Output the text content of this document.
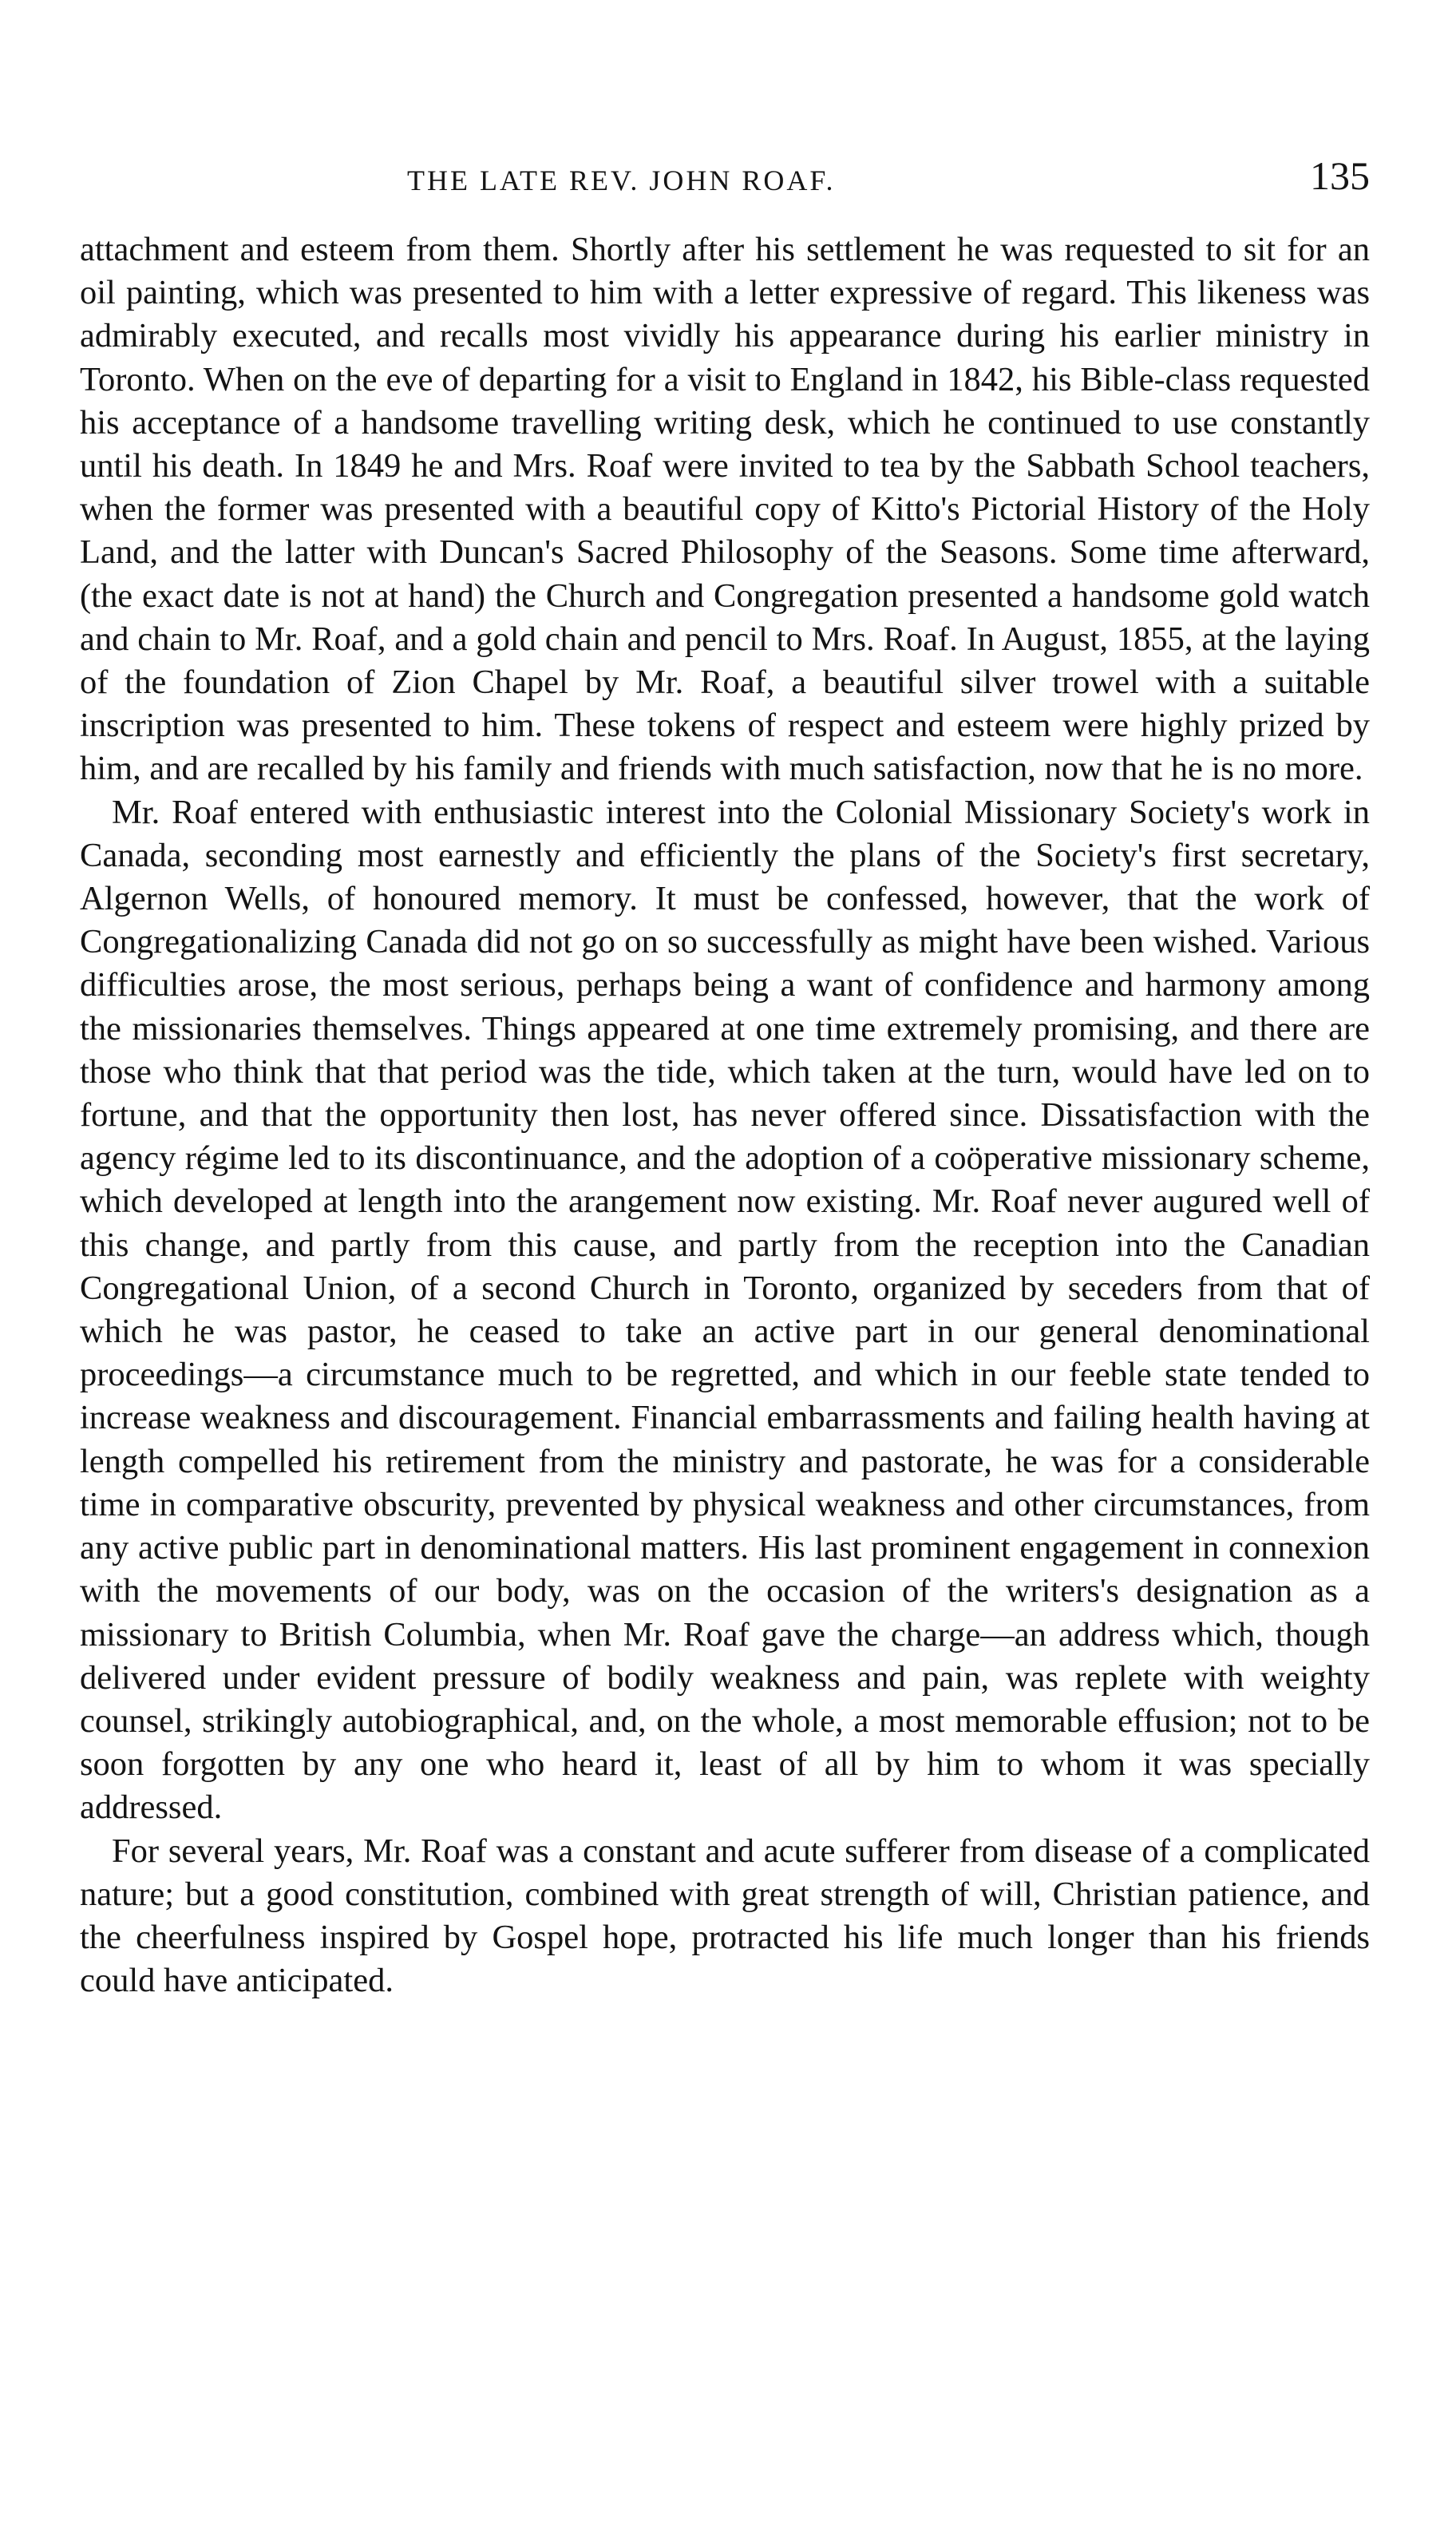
THE LATE REV. JOHN ROAF.	135

attachment and esteem from them. Shortly after his settlement he was requested to sit for an oil painting, which was presented to him with a letter expressive of regard. This likeness was admirably executed, and recalls most vividly his appearance during his earlier ministry in Toronto. When on the eve of departing for a visit to England in 1842, his Bible-class requested his acceptance of a handsome travelling writing desk, which he continued to use constantly until his death. In 1849 he and Mrs. Roaf were invited to tea by the Sabbath School teachers, when the former was presented with a beautiful copy of Kitto's Pictorial History of the Holy Land, and the latter with Duncan's Sacred Philosophy of the Seasons. Some time afterward, (the exact date is not at hand) the Church and Congregation presented a handsome gold watch and chain to Mr. Roaf, and a gold chain and pencil to Mrs. Roaf. In August, 1855, at the laying of the foundation of Zion Chapel by Mr. Roaf, a beautiful silver trowel with a suitable inscription was presented to him. These tokens of respect and esteem were highly prized by him, and are recalled by his family and friends with much satisfaction, now that he is no more.

Mr. Roaf entered with enthusiastic interest into the Colonial Missionary Society's work in Canada, seconding most earnestly and efficiently the plans of the Society's first secretary, Algernon Wells, of honoured memory. It must be confessed, however, that the work of Congregationalizing Canada did not go on so successfully as might have been wished. Various difficulties arose, the most serious, perhaps being a want of confidence and harmony among the missionaries themselves. Things appeared at one time extremely promising, and there are those who think that that period was the tide, which taken at the turn, would have led on to fortune, and that the opportunity then lost, has never offered since. Dissatisfaction with the agency régime led to its discontinuance, and the adoption of a coöperative missionary scheme, which developed at length into the arangement now existing. Mr. Roaf never augured well of this change, and partly from this cause, and partly from the reception into the Canadian Congregational Union, of a second Church in Toronto, organized by seceders from that of which he was pastor, he ceased to take an active part in our general denominational proceedings—a circumstance much to be regretted, and which in our feeble state tended to increase weakness and discouragement. Financial embarrassments and failing health having at length compelled his retirement from the ministry and pastorate, he was for a considerable time in comparative obscurity, prevented by physical weakness and other circumstances, from any active public part in denominational matters. His last prominent engagement in connexion with the movements of our body, was on the occasion of the writers's designation as a missionary to British Columbia, when Mr. Roaf gave the charge—an address which, though delivered under evident pressure of bodily weakness and pain, was replete with weighty counsel, strikingly autobiographical, and, on the whole, a most memorable effusion; not to be soon forgotten by any one who heard it, least of all by him to whom it was specially addressed.

For several years, Mr. Roaf was a constant and acute sufferer from disease of a complicated nature; but a good constitution, combined with great strength of will, Christian patience, and the cheerfulness inspired by Gospel hope, protracted his life much longer than his friends could have anticipated.
